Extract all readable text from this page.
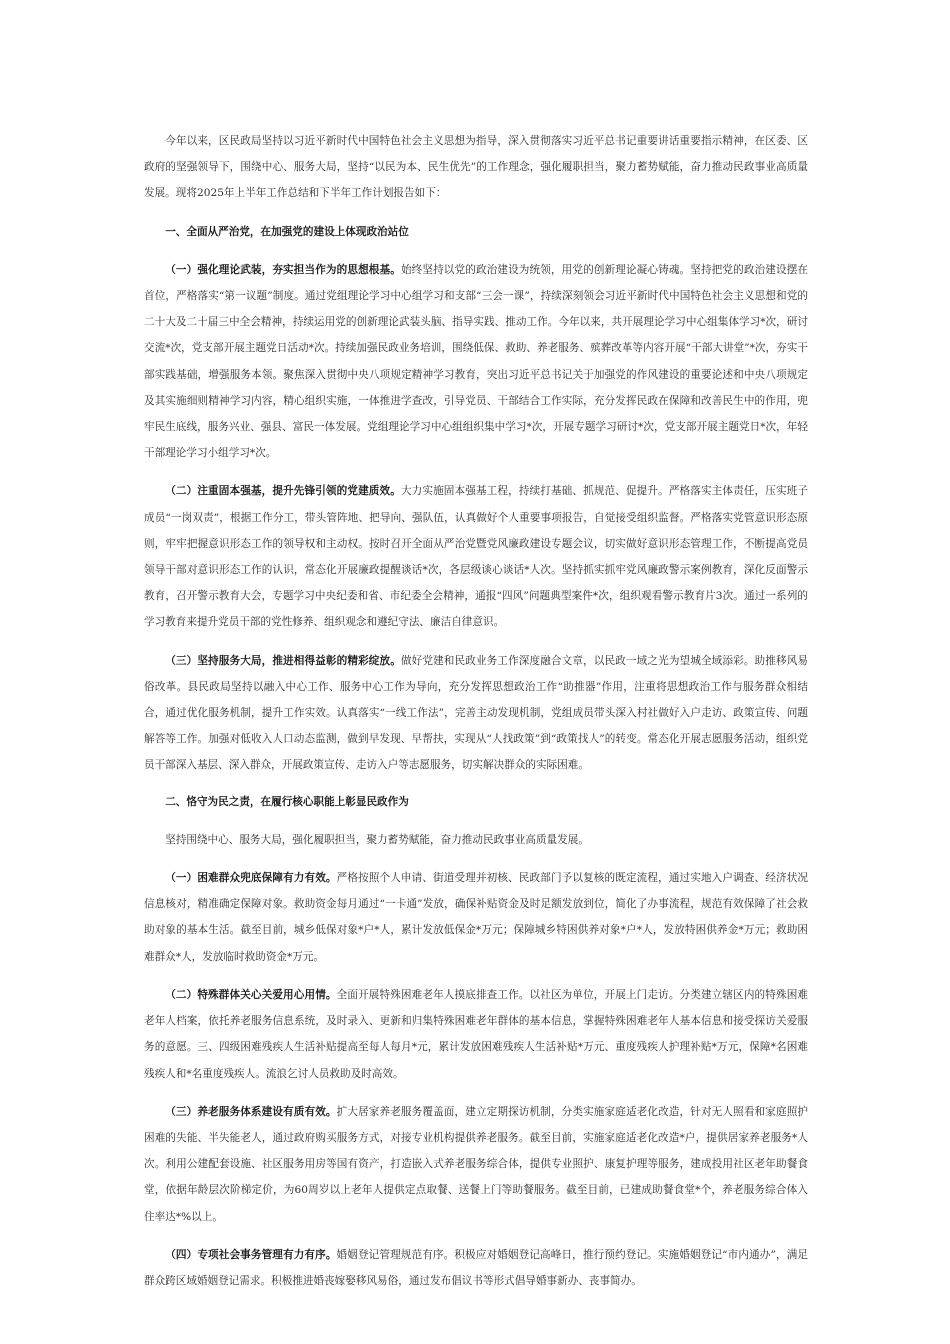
今年以来，区民政局坚持以习近平新时代中国特色社会主义思想为指导，深入贯彻落实习近平总书记重要讲话重要指示精神，在区委、区政府的坚强领导下，围绕中心、服务大局，坚持“以民为本、民生优先”的工作理念，强化履职担当，聚力蓄势赋能，奋力推动民政事业高质量发展。现将2025年上半年工作总结和下半年工作计划报告如下：

一、全面从严治党，在加强党的建设上体现政治站位

（一）强化理论武装，夯实担当作为的思想根基。始终坚持以党的政治建设为统领，用党的创新理论凝心铸魂。坚持把党的政治建设摆在首位，严格落实“第一议题”制度。通过党组理论学习中心组学习和支部“三会一课”，持续深刻领会习近平新时代中国特色社会主义思想和党的二十大及二十届三中全会精神，持续运用党的创新理论武装头脑、指导实践、推动工作。今年以来，共开展理论学习中心组集体学习*次，研讨交流*次，党支部开展主题党日活动*次。持续加强民政业务培训，围绕低保、救助、养老服务、殡葬改革等内容开展“干部大讲堂”*次，夯实干部实践基础，增强服务本领。聚焦深入贯彻中央八项规定精神学习教育，突出习近平总书记关于加强党的作风建设的重要论述和中央八项规定及其实施细则精神学习内容，精心组织实施，一体推进学查改，引导党员、干部结合工作实际，充分发挥民政在保障和改善民生中的作用，兜牢民生底线，服务兴业、强县、富民一体发展。党组理论学习中心组组织集中学习*次，开展专题学习研讨*次，党支部开展主题党日*次，年轻干部理论学习小组学习*次。

（二）注重固本强基，提升先锋引领的党建质效。大力实施固本强基工程，持续打基础、抓规范、促提升。严格落实主体责任，压实班子成员“一岗双责”，根据工作分工，带头管阵地、把导向、强队伍，认真做好个人重要事项报告，自觉接受组织监督。严格落实党管意识形态原则，牢牢把握意识形态工作的领导权和主动权。按时召开全面从严治党暨党风廉政建设专题会议，切实做好意识形态管理工作，不断提高党员领导干部对意识形态工作的认识，常态化开展廉政提醒谈话*次，各层级谈心谈话*人次。坚持抓实抓牢党风廉政警示案例教育，深化反面警示教育，召开警示教育大会，专题学习中央纪委和省、市纪委全会精神，通报“四风”问题典型案件*次，组织观看警示教育片3次。通过一系列的学习教育来提升党员干部的党性修养、组织观念和遵纪守法、廉洁自律意识。

（三）坚持服务大局，推进相得益彰的精彩绽放。做好党建和民政业务工作深度融合文章，以民政一域之光为望城全域添彩。助推移风易俗改革。县民政局坚持以融入中心工作、服务中心工作为导向，充分发挥思想政治工作“助推器”作用，注重将思想政治工作与服务群众相结合，通过优化服务机制，提升工作实效。认真落实“一线工作法”，完善主动发现机制，党组成员带头深入村社做好入户走访、政策宣传、问题解答等工作。加强对低收入人口动态监测，做到早发现、早帮扶，实现从“人找政策”到“政策找人”的转变。常态化开展志愿服务活动，组织党员干部深入基层、深入群众，开展政策宣传、走访入户等志愿服务，切实解决群众的实际困难。

二、恪守为民之责，在履行核心职能上彰显民政作为

坚持围绕中心、服务大局，强化履职担当，聚力蓄势赋能，奋力推动民政事业高质量发展。

（一）困难群众兜底保障有力有效。严格按照个人申请、街道受理并初核、民政部门予以复核的既定流程，通过实地入户调查、经济状况信息核对，精准确定保障对象。救助资金每月通过“一卡通”发放，确保补贴资金及时足额发放到位，简化了办事流程，规范有效保障了社会救助对象的基本生活。截至目前，城乡低保对象*户*人，累计发放低保金*万元；保障城乡特困供养对象*户*人，发放特困供养金*万元；救助困难群众*人，发放临时救助资金*万元。

（二）特殊群体关心关爱用心用情。全面开展特殊困难老年人摸底排查工作。以社区为单位，开展上门走访。分类建立辖区内的特殊困难老年人档案，依托养老服务信息系统，及时录入、更新和归集特殊困难老年群体的基本信息，掌握特殊困难老年人基本信息和接受探访关爱服务的意愿。三、四级困难残疾人生活补贴提高至每人每月*元，累计发放困难残疾人生活补贴*万元、重度残疾人护理补贴*万元，保障*名困难残疾人和*名重度残疾人。流浪乞讨人员救助及时高效。

（三）养老服务体系建设有质有效。扩大居家养老服务覆盖面，建立定期探访机制，分类实施家庭适老化改造，针对无人照看和家庭照护困难的失能、半失能老人，通过政府购买服务方式，对接专业机构提供养老服务。截至目前，实施家庭适老化改造*户，提供居家养老服务*人次。利用公建配套设施、社区服务用房等国有资产，打造嵌入式养老服务综合体，提供专业照护、康复护理等服务，建成投用社区老年助餐食堂，依据年龄层次阶梯定价，为60周岁以上老年人提供定点取餐、送餐上门等助餐服务。截至目前，已建成助餐食堂*个，养老服务综合体入住率达*%以上。

（四）专项社会事务管理有力有序。婚姻登记管理规范有序。积极应对婚姻登记高峰日，推行预约登记。实施婚姻登记“市内通办”，满足群众跨区域婚姻登记需求。积极推进婚丧嫁娶移风易俗，通过发布倡议书等形式倡导婚事新办、丧事简办。
